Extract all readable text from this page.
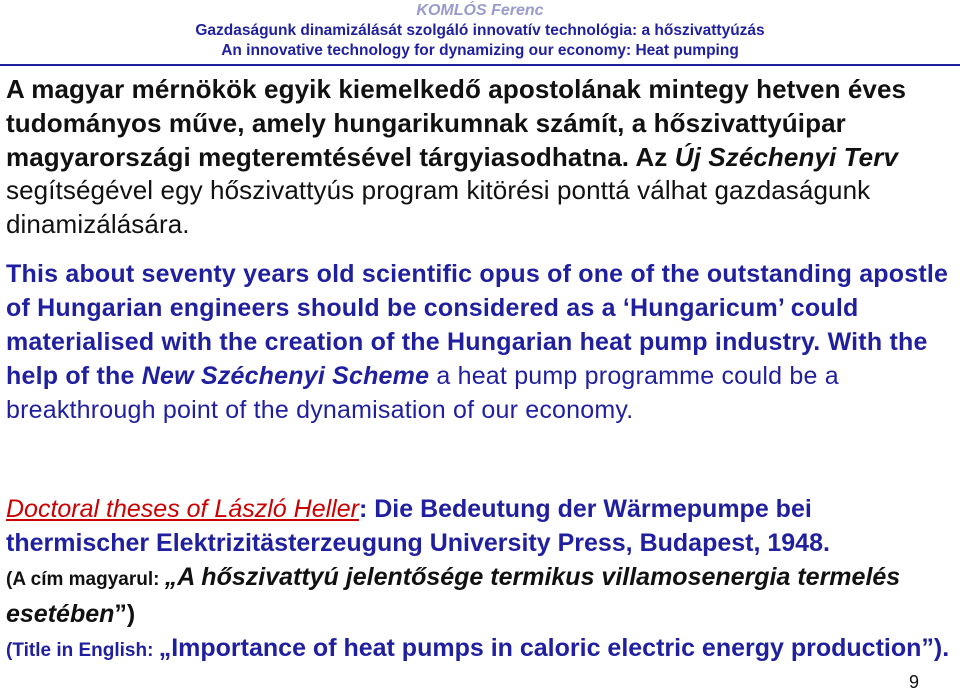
KOMLÓS Ferenc
Gazdaságunk dinamizálását szolgáló innovatív technológia: a hőszivattyúzás
An innovative technology for dynamizing our economy: Heat pumping
A magyar mérnökök egyik kiemelkedő apostolának mintegy hetven éves tudományos műve, amely hungarikumnak számít, a hőszivattyúipar magyarországi megteremtésével tárgyiasodhatna. Az Új Széchenyi Terv segítségével egy hőszivattyús program kitörési ponttá válhat gazdaságunk dinamizálására.
This about seventy years old scientific opus of one of the outstanding apostle of Hungarian engineers should be considered as a ‘Hungaricum’ could materialised with the creation of the Hungarian heat pump industry. With the help of the New Széchenyi Scheme a heat pump programme could be a breakthrough point of the dynamisation of our economy.
Doctoral theses of László Heller: Die Bedeutung der Wärmepumpe bei thermischer Elektrizitästerzeugung University Press, Budapest, 1948.
(A cím magyarul: „A hőszivattyú jelentősége termikus villamosenergia termelés esetében”)
(Title in English: „Importance of heat pumps in caloric electric energy production”).
9
